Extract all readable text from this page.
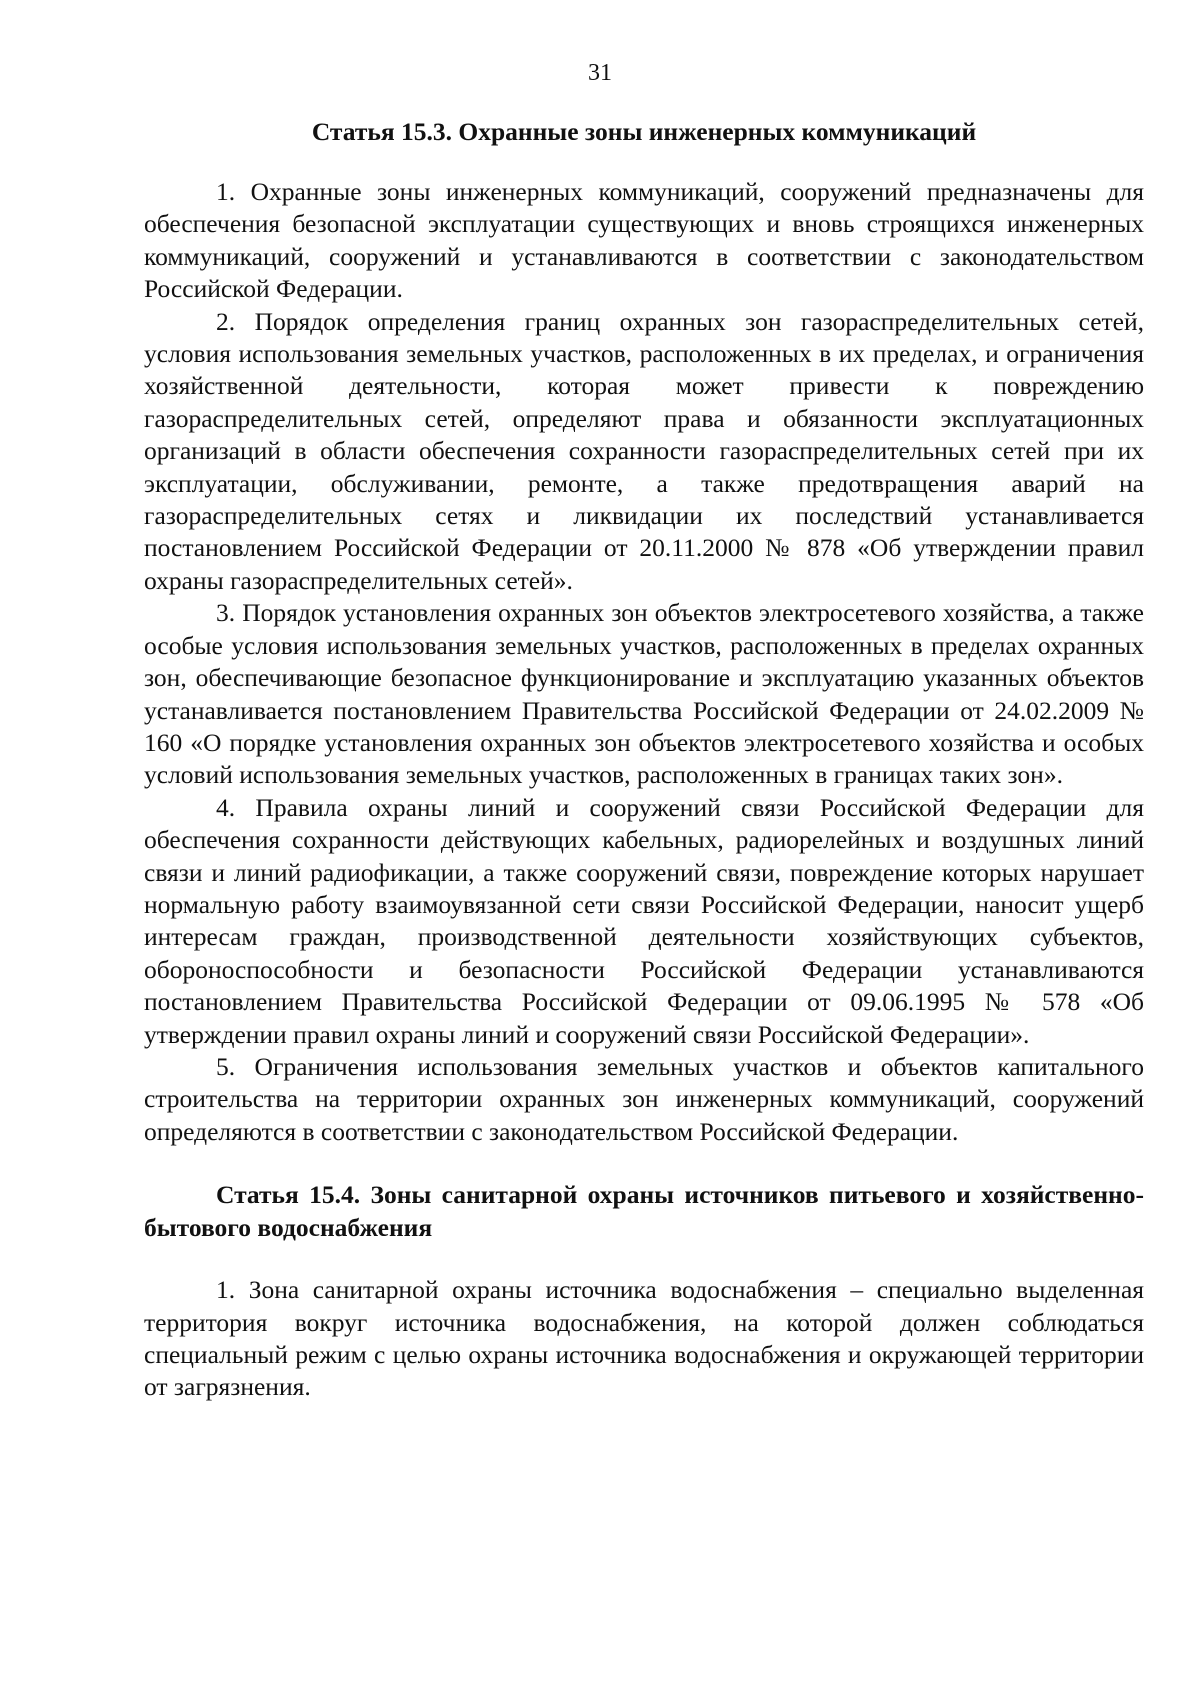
31
Статья 15.3. Охранные зоны инженерных коммуникаций

1. Охранные зоны инженерных коммуникаций, сооружений предназначены для обеспечения безопасной эксплуатации существующих и вновь строящихся инженерных коммуникаций, сооружений и устанавливаются в соответствии с законодательством Российской Федерации.

2. Порядок определения границ охранных зон газораспределительных сетей, условия использования земельных участков, расположенных в их пределах, и ограничения хозяйственной деятельности, которая может привести к повреждению газораспределительных сетей, определяют права и обязанности эксплуатационных организаций в области обеспечения сохранности газораспределительных сетей при их эксплуатации, обслуживании, ремонте, а также предотвращения аварий на газораспределительных сетях и ликвидации их последствий устанавливается постановлением Российской Федерации от 20.11.2000 № 878 «Об утверждении правил охраны газораспределительных сетей».

3. Порядок установления охранных зон объектов электросетевого хозяйства, а также особые условия использования земельных участков, расположенных в пределах охранных зон, обеспечивающие безопасное функционирование и эксплуатацию указанных объектов устанавливается постановлением Правительства Российской Федерации от 24.02.2009 № 160 «О порядке установления охранных зон объектов электросетевого хозяйства и особых условий использования земельных участков, расположенных в границах таких зон».

4. Правила охраны линий и сооружений связи Российской Федерации для обеспечения сохранности действующих кабельных, радиорелейных и воздушных линий связи и линий радиофикации, а также сооружений связи, повреждение которых нарушает нормальную работу взаимоувязанной сети связи Российской Федерации, наносит ущерб интересам граждан, производственной деятельности хозяйствующих субъектов, обороноспособности и безопасности Российской Федерации устанавливаются постановлением Правительства Российской Федерации от 09.06.1995 № 578 «Об утверждении правил охраны линий и сооружений связи Российской Федерации».

5. Ограничения использования земельных участков и объектов капитального строительства на территории охранных зон инженерных коммуникаций, сооружений определяются в соответствии с законодательством Российской Федерации.

Статья 15.4. Зоны санитарной охраны источников питьевого и хозяйственно-бытового водоснабжения

1. Зона санитарной охраны источника водоснабжения – специально выделенная территория вокруг источника водоснабжения, на которой должен соблюдаться специальный режим с целью охраны источника водоснабжения и окружающей территории от загрязнения.
